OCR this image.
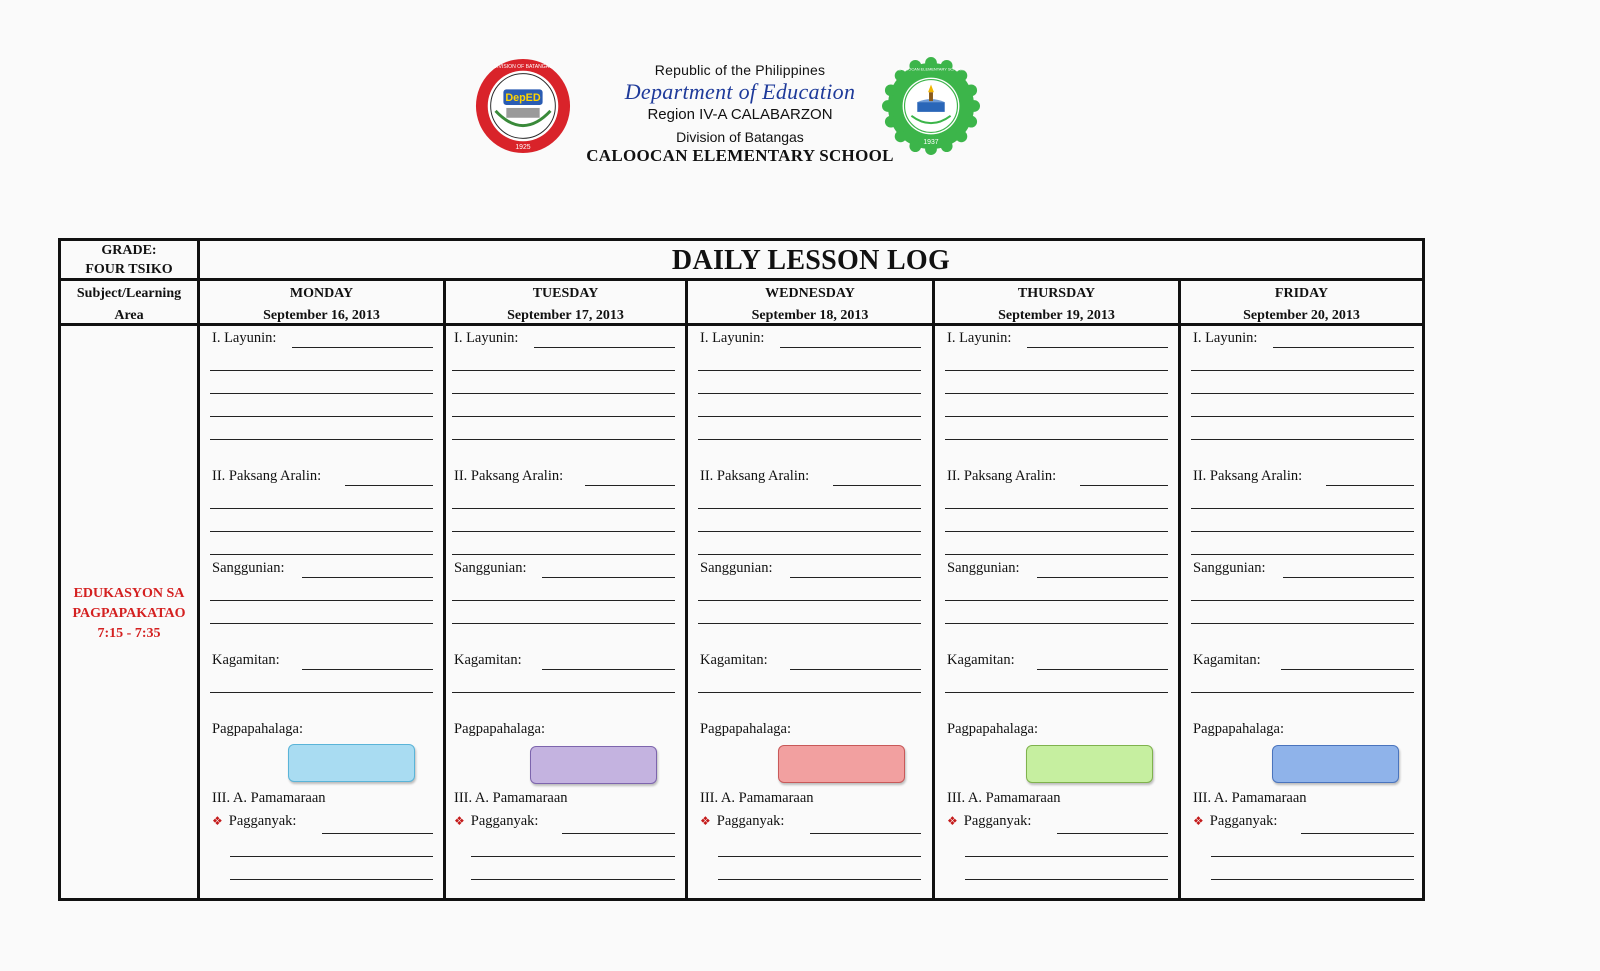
DepED
1925
DIVISION OF BATANGAS	Republic of the Philippines
Department of Education
Region IV-A CALABARZON
Division of Batangas
CALOOCAN ELEMENTARY SCHOOL
1937
CALOOCAN ELEMENTARY SCHOOL
GRADE:
FOUR TSIKO	DAILY LESSON LOG
Subject/Learning
Area
EDUKASYON SA
PAGPAPAKATAO
7:15 - 7:35
MONDAY
September 16, 2013
TUESDAY
September 17, 2013
WEDNESDAY
September 18, 2013
THURSDAY
September 19, 2013
FRIDAY
September 20, 2013
I. Layunin:
II. Paksang Aralin:
Sanggunian:
Kagamitan:
Pagpapahalaga:
III. A. Pamamaraan
❖ Pagganyak:
I. Layunin:
II. Paksang Aralin:
Sanggunian:
Kagamitan:
Pagpapahalaga:
III. A. Pamamaraan
❖ Pagganyak:
I. Layunin:
II. Paksang Aralin:
Sanggunian:
Kagamitan:
Pagpapahalaga:
III. A. Pamamaraan
❖ Pagganyak:
I. Layunin:
II. Paksang Aralin:
Sanggunian:
Kagamitan:
Pagpapahalaga:
III. A. Pamamaraan
❖ Pagganyak:
I. Layunin:
II. Paksang Aralin:
Sanggunian:
Kagamitan:
Pagpapahalaga:
III. A. Pamamaraan
❖ Pagganyak:
